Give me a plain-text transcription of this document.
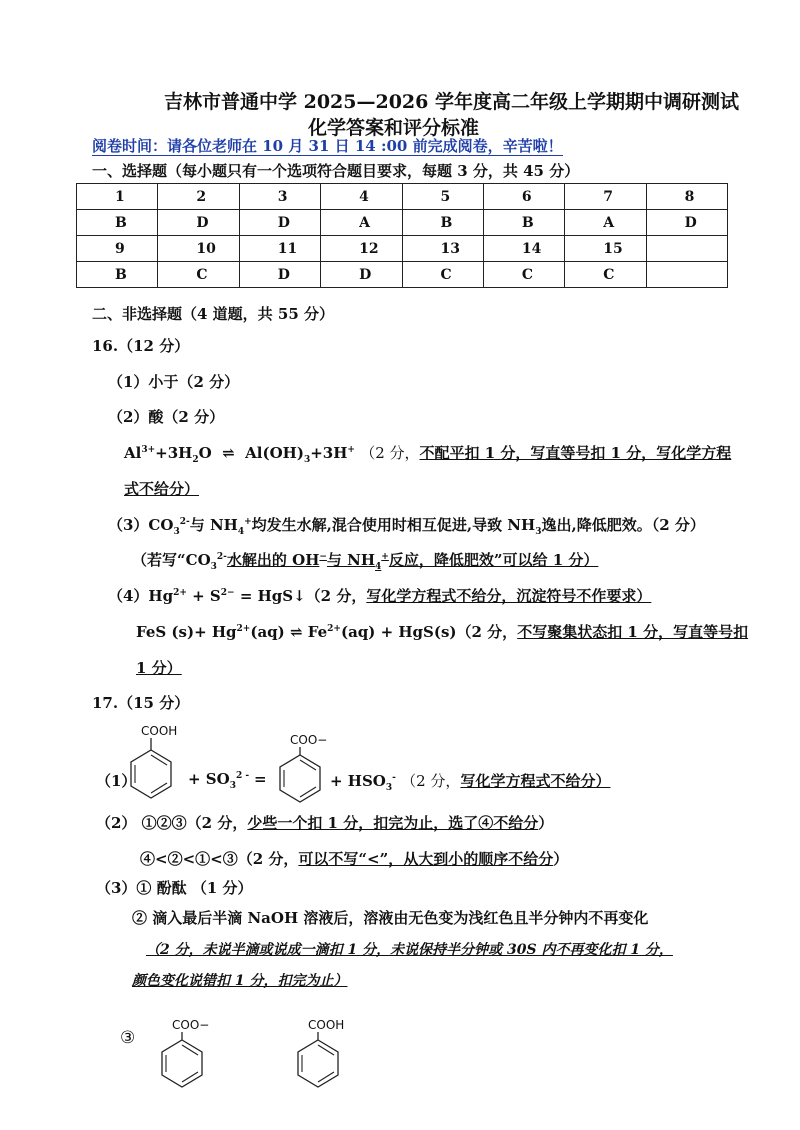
吉林市普通中学 2025—2026 学年度高二年级上学期期中调研测试
化学答案和评分标准
阅卷时间：请各位老师在 10 月 31 日 14 :00 前完成阅卷，辛苦啦！
一、选择题（每小题只有一个选项符合题目要求，每题 3 分，共 45 分）
1	2	3	4	5	6	7	8
B	D	D	A	B	B	A	D
9	10	11	12	13	14	15	
B	C	D	D	C	C	C	
二、非选择题（4 道题，共 55 分）
16.（12 分）
（1）小于（2 分）
（2）酸（2 分）
$Al^{3+}+3H_2O$ ⇌ $Al(OH)_3+3H^+$ （2 分，不配平扣 1 分，写直等号扣 1 分，写化学方程
式不给分）
$(3)CO_3^{2-}$与 $NH_4^+$均发生水解,混合使用时相互促进,导致 $NH_3$逸出,降低肥效。（2 分）
（若写“$CO_3^{2-}$水解出的 OH−与 $NH_4^+$反应，降低肥效”可以给 1 分）
$(4)Hg^{2+} + S^{2-}$ = HgS↓（2 分，写化学方程式不给分，沉淀符号不作要求）
FeS $(s)+ Hg^{2+}(aq)$ ⇌ $Fe^{2+}(aq) + HgS(s)(2$ 分，不写聚集状态扣 1 分，写直等号扣
1 分）
17.（15 分）
（1）
COOH
+ $SO_3^{2 -}$ =
COO−
+ $HSO_3^-$ （2 分，写化学方程式不给分）
（2） ①②③（2 分，少些一个扣 1 分，扣完为止，选了④不给分）
④<②<①<③（2 分，可以不写“<”，从大到小的顺序不给分）
（3）① 酚酞 （1 分）
② 滴入最后半滴 NaOH 溶液后，溶液由无色变为浅红色且半分钟内不再变化
（2 分，未说半滴或说成一滴扣 1 分，未说保持半分钟或 30S 内不再变化扣 1 分，
颜色变化说错扣 1 分，扣完为止）
③
COO−	COOH
